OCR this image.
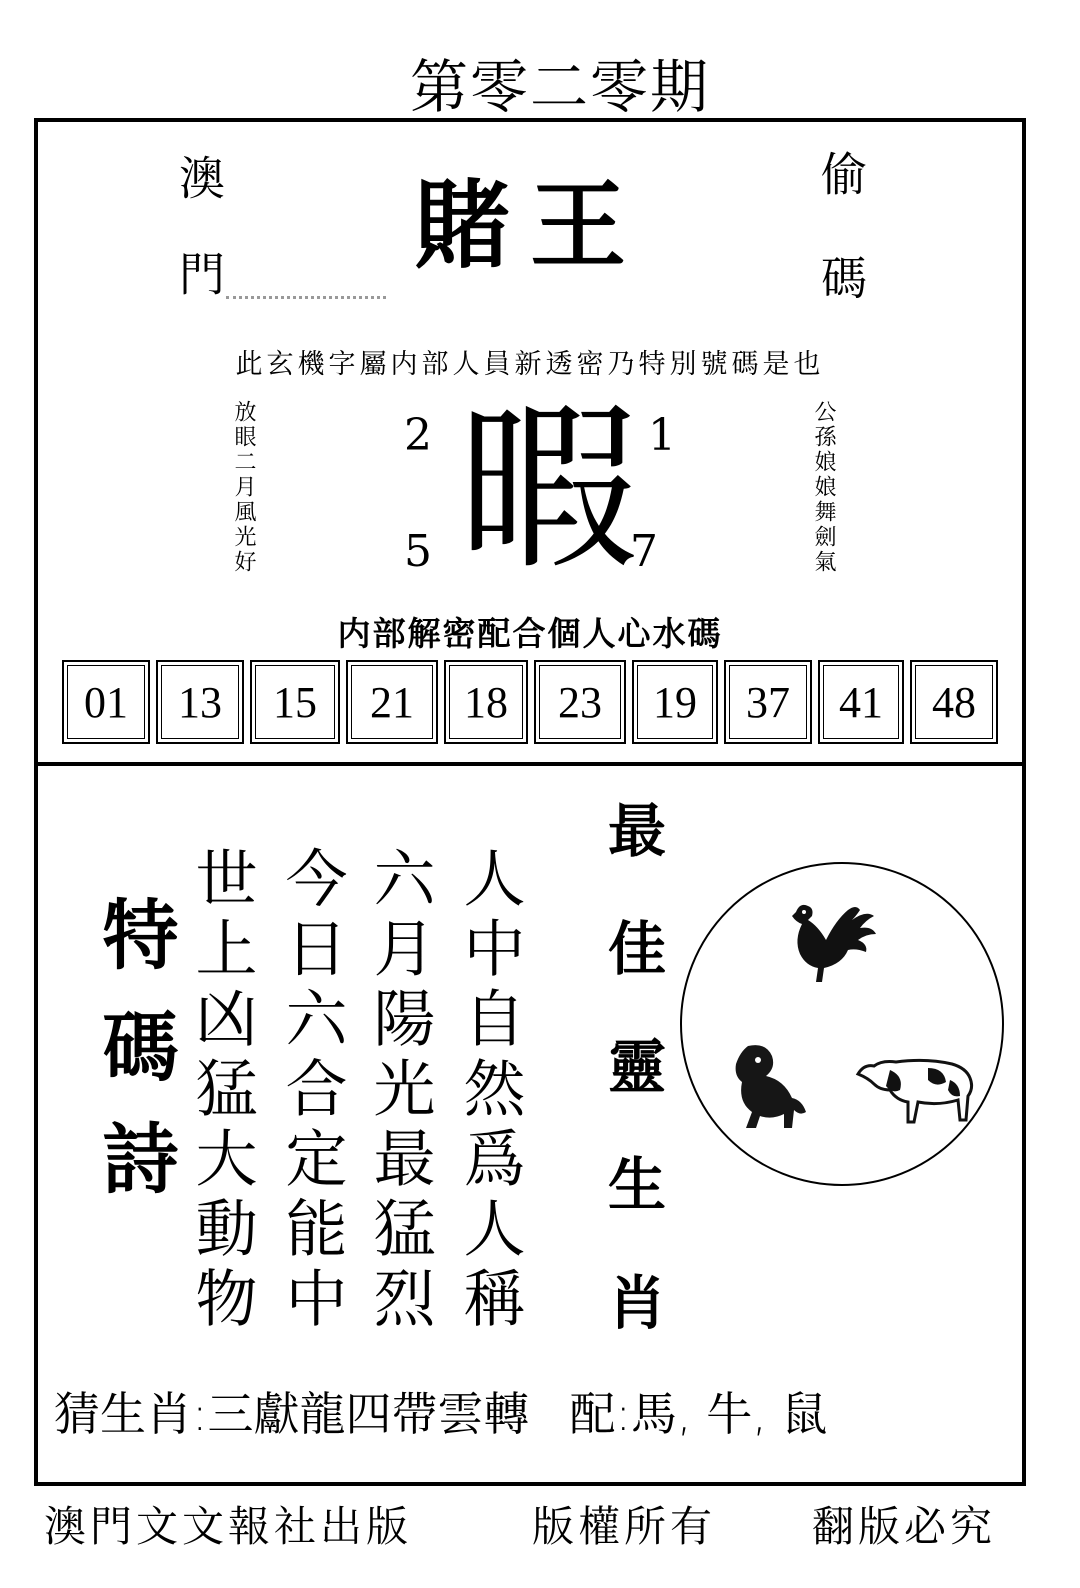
第零二零期
澳門	偷碼
賭王
此玄機字屬内部人員新透密乃特別號碼是也
放眼二月風光好	公孫娘娘舞劍氣
2	1
5	7
暇
内部解密配合個人心水碼
01	13	15	21	18	23	19	37	41	48
特碼詩	人中自然爲人稱
六月陽光最猛烈
今日六合定能中
世上凶猛大動物	最佳靈生肖
猜生肖:三獻龍四帶雲轉 配:馬, 牛, 鼠
澳門文文報社出版	版權所有 翻版必究
